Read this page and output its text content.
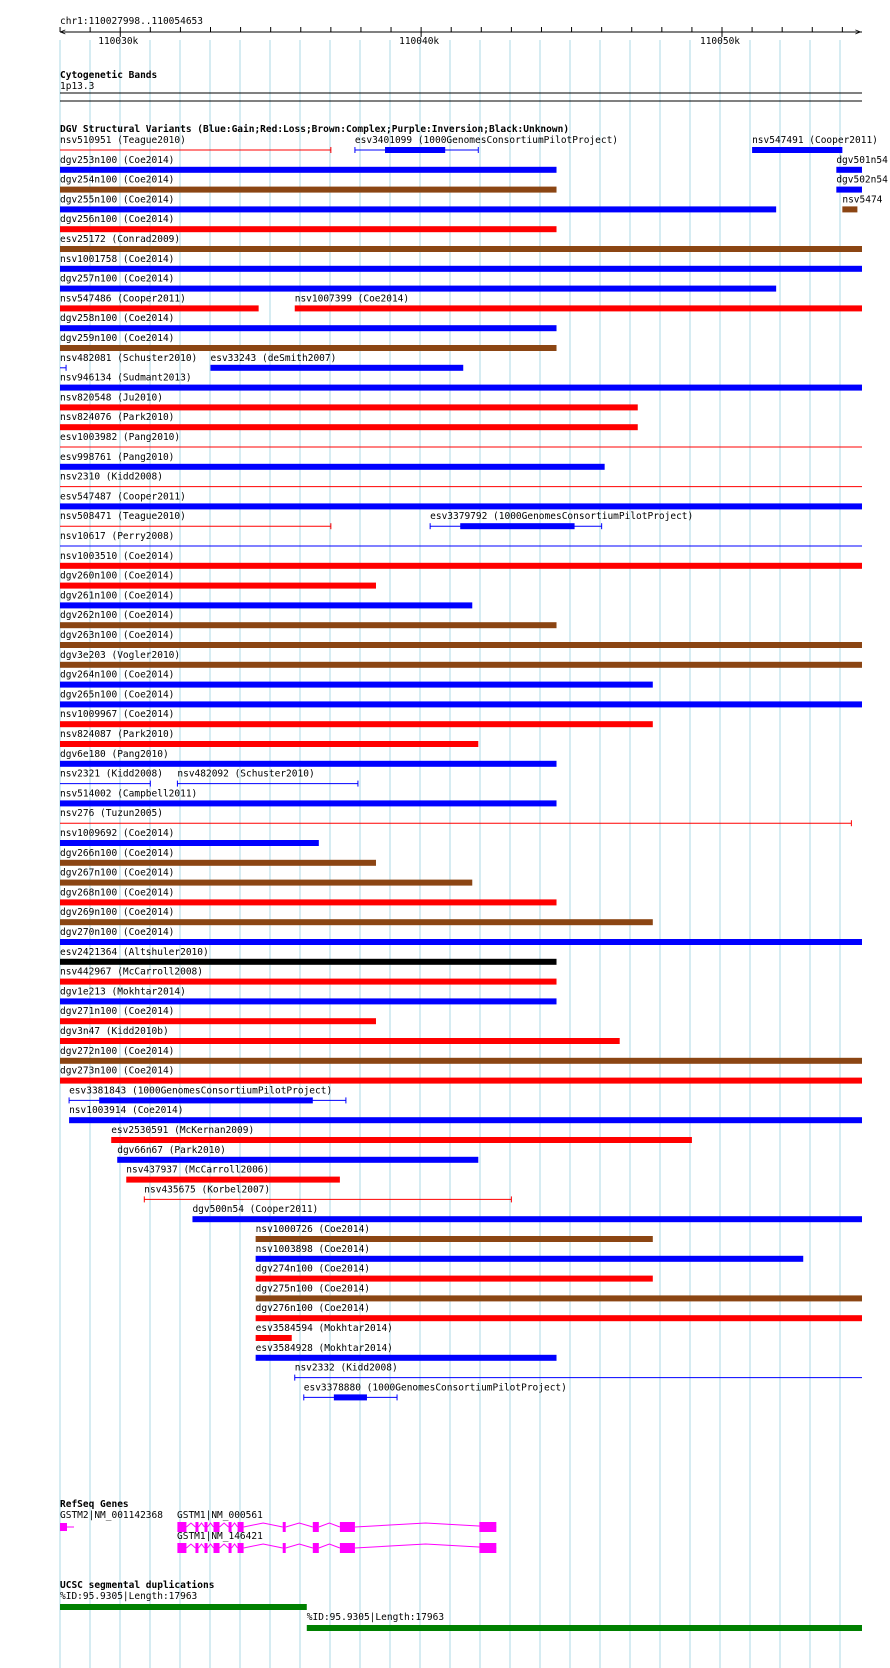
chr1:110027998..110054653
<	>
110030k	110040k	110050k
Cytogenetic Bands
1p13.3
DGV Structural Variants (Blue:Gain;Red:Loss;Brown:Complex;Purple:Inversion;Black:Unknown)
nsv510951 (Teague2010)	esv3401099 (1000GenomesConsortiumPilotProject)	nsv547491 (Cooper2011)
dgv253n100 (Coe2014)	dgv501n54
dgv254n100 (Coe2014)	dgv502n54
dgv255n100 (Coe2014)	nsv5474
dgv256n100 (Coe2014)
esv25172 (Conrad2009)
nsv1001758 (Coe2014)
dgv257n100 (Coe2014)
nsv547486 (Cooper2011)	nsv1007399 (Coe2014)
dgv258n100 (Coe2014)
dgv259n100 (Coe2014)
nsv482081 (Schuster2010) esv33243 (deSmith2007)
nsv946134 (Sudmant2013)
nsv820548 (Ju2010)
nsv824076 (Park2010)
esv1003982 (Pang2010)
esv998761 (Pang2010)
nsv2310 (Kidd2008)
esv547487 (Cooper2011)
nsv508471 (Teague2010)	esv3379792 (1000GenomesConsortiumPilotProject)
nsv10617 (Perry2008)
nsv1003510 (Coe2014)
dgv260n100 (Coe2014)
dgv261n100 (Coe2014)
dgv262n100 (Coe2014)
dgv263n100 (Coe2014)
dgv3e203 (Vogler2010)
dgv264n100 (Coe2014)
dgv265n100 (Coe2014)
nsv1009967 (Coe2014)
nsv824087 (Park2010)
dgv6e180 (Pang2010)
nsv2321 (Kidd2008) nsv482092 (Schuster2010)
nsv514002 (Campbell2011)
nsv276 (Tuzun2005)
nsv1009692 (Coe2014)
dgv266n100 (Coe2014)
dgv267n100 (Coe2014)
dgv268n100 (Coe2014)
dgv269n100 (Coe2014)
dgv270n100 (Coe2014)
esv2421364 (Altshuler2010)
nsv442967 (McCarroll2008)
dgv1e213 (Mokhtar2014)
dgv271n100 (Coe2014)
dgv3n47 (Kidd2010b)
dgv272n100 (Coe2014)
dgv273n100 (Coe2014)
esv3381843 (1000GenomesConsortiumPilotProject)
nsv1003914 (Coe2014)
esv2530591 (McKernan2009)
dgv66n67 (Park2010)
nsv437937 (McCarroll2006)
nsv435675 (Korbel2007)
dgv500n54 (Cooper2011)
nsv1000726 (Coe2014)
nsv1003898 (Coe2014)
dgv274n100 (Coe2014)
dgv275n100 (Coe2014)
dgv276n100 (Coe2014)
esv3584594 (Mokhtar2014)
esv3584928 (Mokhtar2014)
nsv2332 (Kidd2008)
esv3378880 (1000GenomesConsortiumPilotProject)
RefSeq Genes
GSTM2|NM_001142368 GSTM1|NM_000561
GSTM1|NM_146421
UCSC segmental duplications
%ID:95.9305|Length:17963
%ID:95.9305|Length:17963
